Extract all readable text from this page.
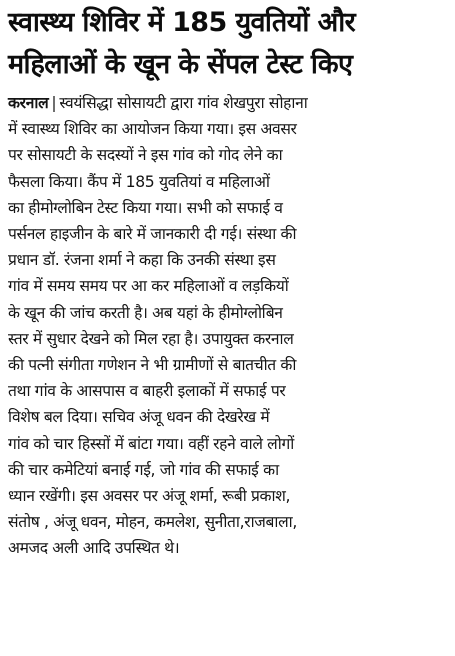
स्वास्थ्य शिविर में 185 युवतियों और
महिलाओं के खून के सेंपल टेस्ट किए
करनाल | स्वयंसिद्धा सोसायटी द्वारा गांव शेखपुरा सोहाना
में स्वास्थ्य शिविर का आयोजन किया गया। इस अवसर
पर सोसायटी के सदस्यों ने इस गांव को गोद लेने का
फैसला किया। कैंप में 185 युवतियां व महिलाओं
का हीमोग्लोबिन टेस्ट किया गया। सभी को सफाई व
पर्सनल हाइजीन के बारे में जानकारी दी गई। संस्था की
प्रधान डॉ. रंजना शर्मा ने कहा कि उनकी संस्था इस
गांव में समय समय पर आ कर महिलाओं व लड़कियों
के खून की जांच करती है। अब यहां के हीमोग्लोबिन
स्तर में सुधार देखने को मिल रहा है। उपायुक्त करनाल
की पत्नी संगीता गणेशन ने भी ग्रामीणों से बातचीत की
तथा गांव के आसपास व बाहरी इलाकों में सफाई पर
विशेष बल दिया। सचिव अंजू धवन की देखरेख में
गांव को चार हिस्सों में बांटा गया। वहीं रहने वाले लोगों
की चार कमेटियां बनाई गई, जो गांव की सफाई का
ध्यान रखेंगी। इस अवसर पर अंजू शर्मा, रूबी प्रकाश,
संतोष , अंजू धवन, मोहन, कमलेश, सुनीता,राजबाला,
अमजद अली आदि उपस्थित थे।
